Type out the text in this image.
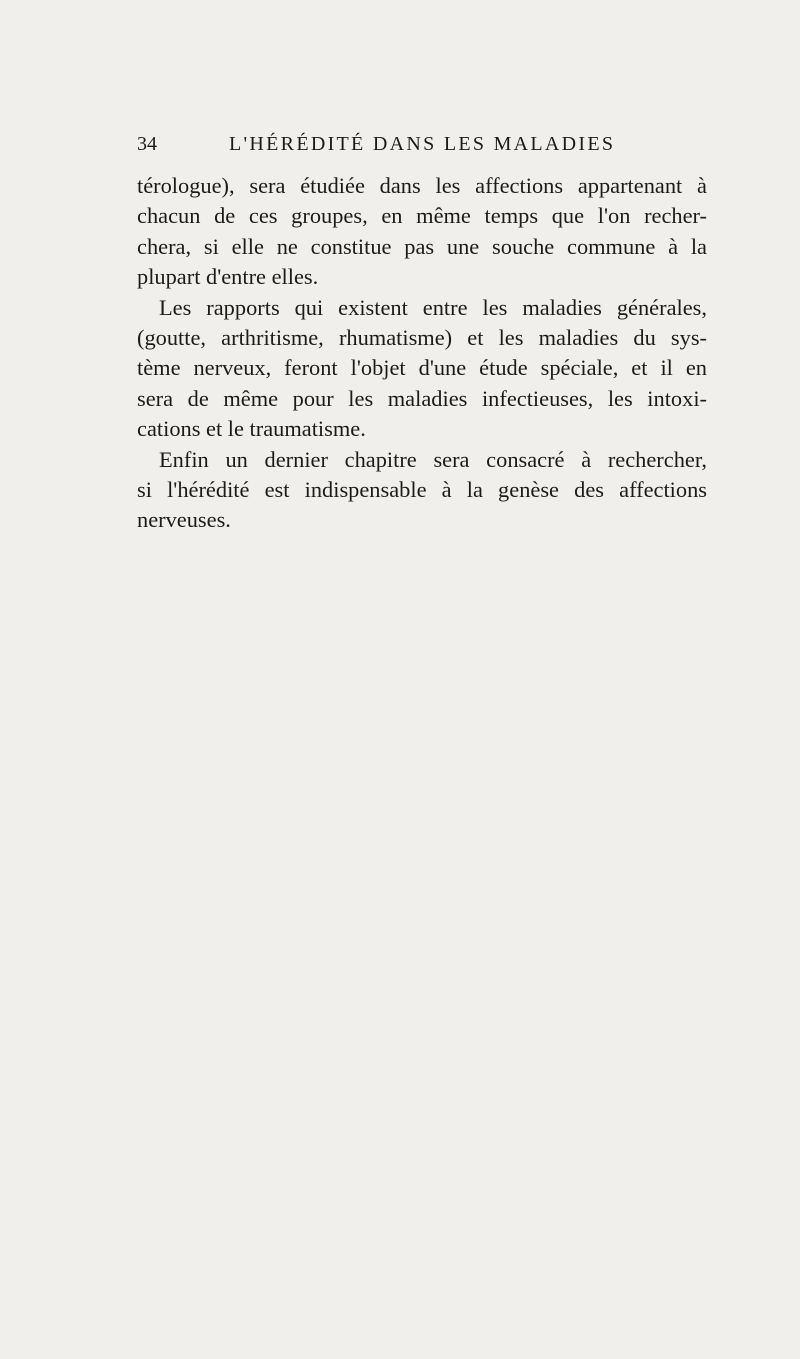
34	L'HÉRÉDITÉ DANS LES MALADIES
térologue), sera étudiée dans les affections appartenant à
chacun de ces groupes, en même temps que l'on recher-
chera, si elle ne constitue pas une souche commune à la
plupart d'entre elles.
Les rapports qui existent entre les maladies générales,
(goutte, arthritisme, rhumatisme) et les maladies du sys-
tème nerveux, feront l'objet d'une étude spéciale, et il en
sera de même pour les maladies infectieuses, les intoxi-
cations et le traumatisme.
Enfin un dernier chapitre sera consacré à rechercher,
si l'hérédité est indispensable à la genèse des affections
nerveuses.
